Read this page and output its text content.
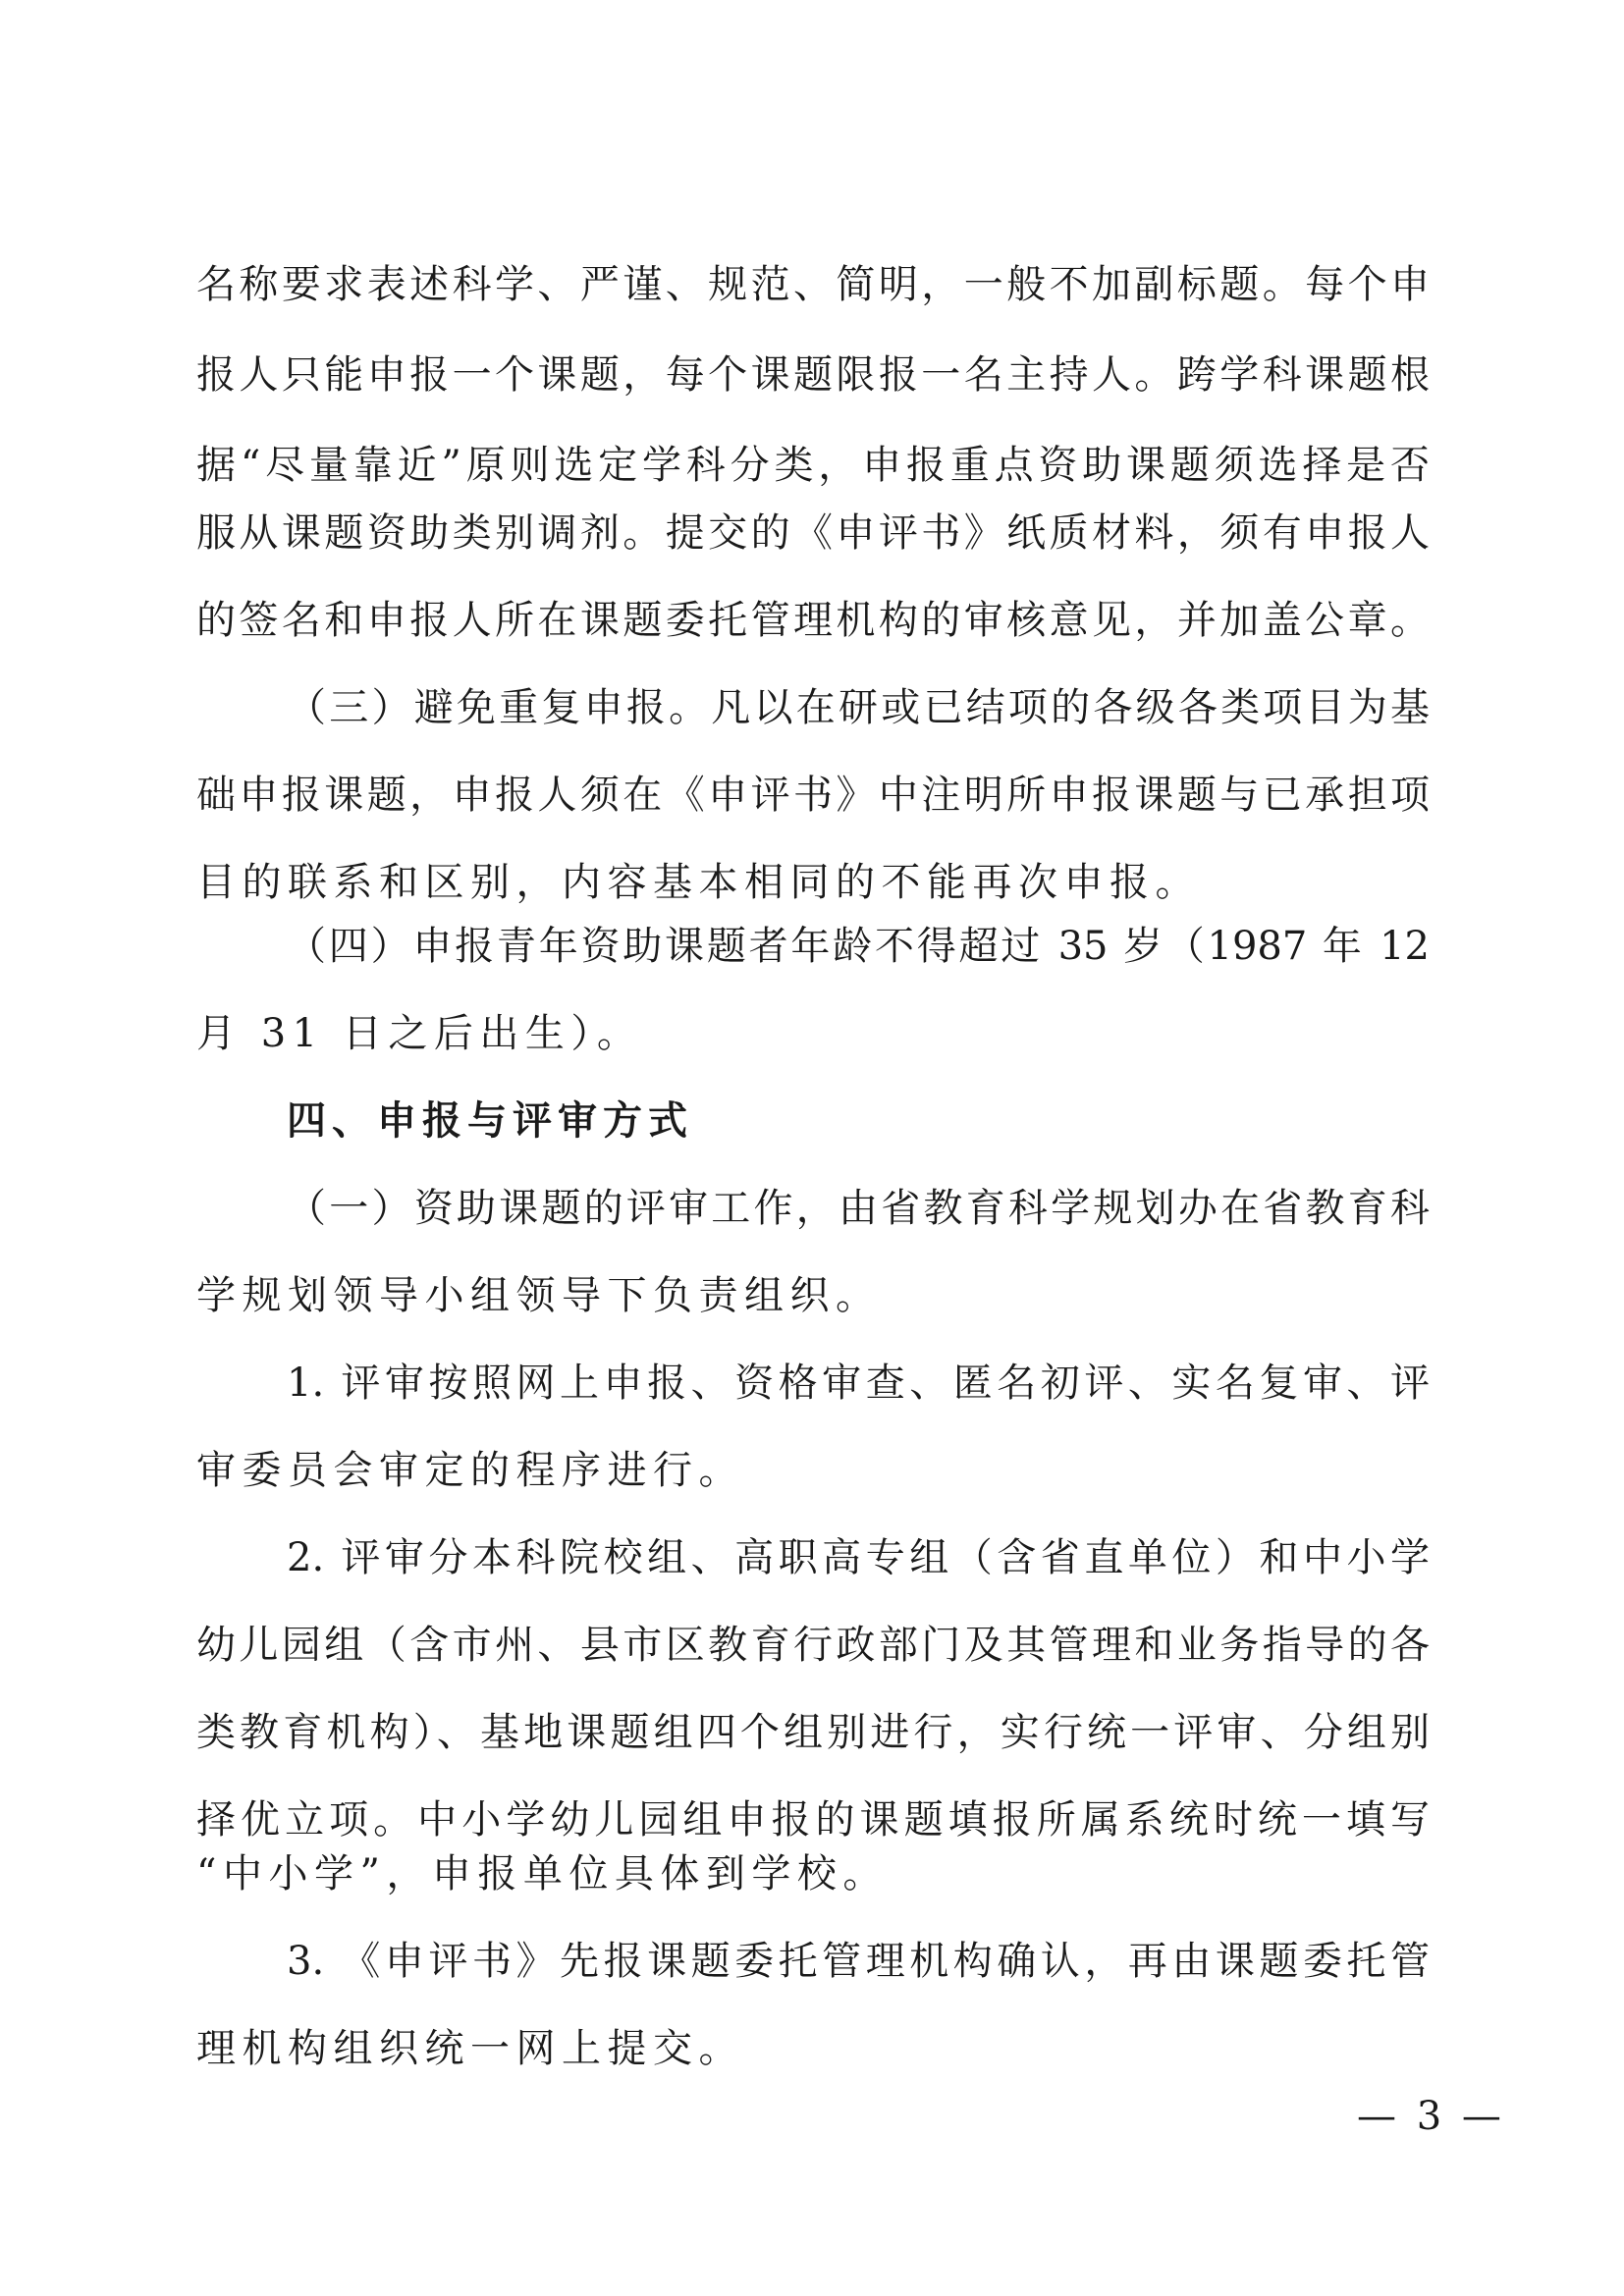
名称要求表述科学、严谨、规范、简明，一般不加副标题。每个申
报人只能申报一个课题，每个课题限报一名主持人。跨学科课题根
据“尽量靠近”原则选定学科分类，申报重点资助课题须选择是否
服从课题资助类别调剂。提交的《申评书》纸质材料，须有申报人
的签名和申报人所在课题委托管理机构的审核意见，并加盖公章。
（三）避免重复申报。凡以在研或已结项的各级各类项目为基
础申报课题，申报人须在《申评书》中注明所申报课题与已承担项
目的联系和区别，内容基本相同的不能再次申报。
（四）申报青年资助课题者年龄不得超过 35 岁（1987 年 12
月 31 日之后出生）。
四、申报与评审方式
（一）资助课题的评审工作，由省教育科学规划办在省教育科
学规划领导小组领导下负责组织。
1. 评审按照网上申报、资格审查、匿名初评、实名复审、评
审委员会审定的程序进行。
2. 评审分本科院校组、高职高专组（含省直单位）和中小学
幼儿园组（含市州、县市区教育行政部门及其管理和业务指导的各
类教育机构）、基地课题组四个组别进行，实行统一评审、分组别
择优立项。中小学幼儿园组申报的课题填报所属系统时统一填写
“中小学”，申报单位具体到学校。
3. 《申评书》先报课题委托管理机构确认，再由课题委托管
理机构组织统一网上提交。
— 3 —
